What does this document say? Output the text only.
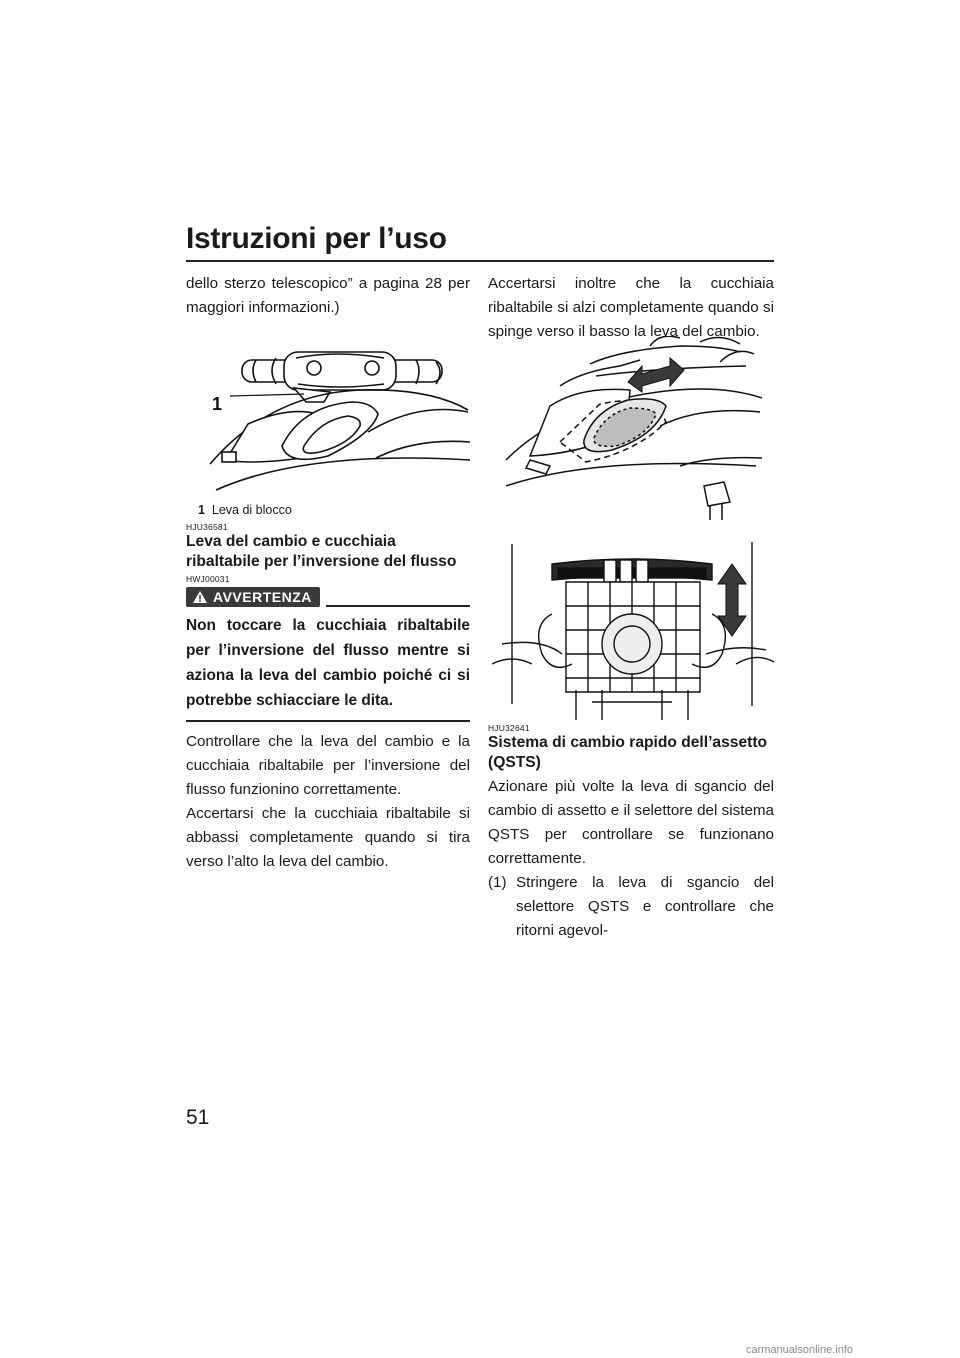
Istruzioni per l’uso

dello sterzo telescopico” a pagina 28 per maggiori informazioni.)

1
1 Leva di blocco
HJU36581
Leva del cambio e cucchiaia ribaltabile per l’inversione del flusso
HWJ00031
AVVERTENZA
Non toccare la cucchiaia ribaltabile per l’inversione del flusso mentre si aziona la leva del cambio poiché ci si potrebbe schiacciare le dita.

Controllare che la leva del cambio e la cucchiaia ribaltabile per l’inversione del flusso funzionino correttamente.

Accertarsi che la cucchiaia ribaltabile si abbassi completamente quando si tira verso l’alto la leva del cambio.

Accertarsi inoltre che la cucchiaia ribaltabile si alzi completamente quando si spinge verso il basso la leva del cambio.

HJU32641
Sistema di cambio rapido dell’assetto (QSTS)

Azionare più volte la leva di sgancio del cambio di assetto e il selettore del sistema QSTS per controllare se funzionano correttamente.

(1) Stringere la leva di sgancio del selettore QSTS e controllare che ritorni agevol-

51
carmanualsonline.info
